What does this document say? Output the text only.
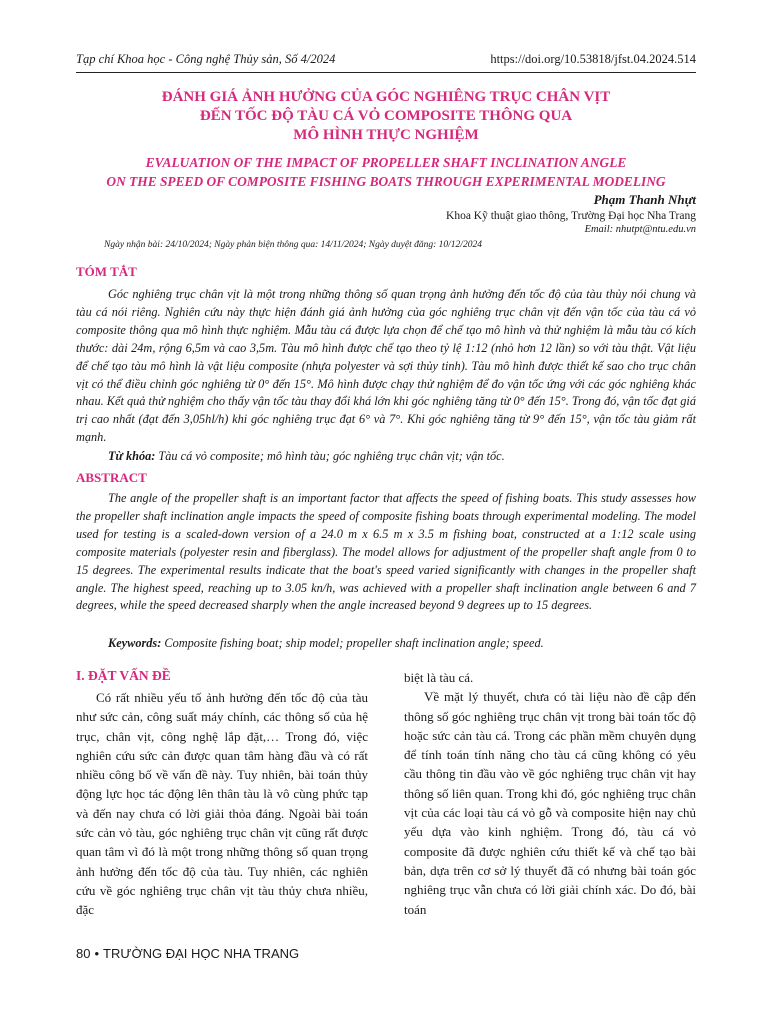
Tạp chí Khoa học - Công nghệ Thủy sản, Số 4/2024	https://doi.org/10.53818/jfst.04.2024.514
ĐÁNH GIÁ ẢNH HƯỞNG CỦA GÓC NGHIÊNG TRỤC CHÂN VỊT
ĐẾN TỐC ĐỘ TÀU CÁ VỎ COMPOSITE THÔNG QUA
MÔ HÌNH THỰC NGHIỆM
EVALUATION OF THE IMPACT OF PROPELLER SHAFT INCLINATION ANGLE
ON THE SPEED OF COMPOSITE FISHING BOATS THROUGH EXPERIMENTAL MODELING
Phạm Thanh Nhựt
Khoa Kỹ thuật giao thông, Trường Đại học Nha Trang
Email: nhutpt@ntu.edu.vn
Ngày nhận bài: 24/10/2024; Ngày phản biện thông qua: 14/11/2024; Ngày duyệt đăng: 10/12/2024
TÓM TẮT
Góc nghiêng trục chân vịt là một trong những thông số quan trọng ảnh hưởng đến tốc độ của tàu thủy nói chung và tàu cá nói riêng. Nghiên cứu này thực hiện đánh giá ảnh hưởng của góc nghiêng trục chân vịt đến vận tốc của tàu cá vỏ composite thông qua mô hình thực nghiệm. Mẫu tàu cá được lựa chọn để chế tạo mô hình và thử nghiệm là mẫu tàu có kích thước: dài 24m, rộng 6,5m và cao 3,5m. Tàu mô hình được chế tạo theo tỷ lệ 1:12 (nhỏ hơn 12 lần) so với tàu thật. Vật liệu để chế tạo tàu mô hình là vật liệu composite (nhựa polyester và sợi thủy tinh). Tàu mô hình được thiết kế sao cho trục chân vịt có thể điều chỉnh góc nghiêng từ 0° đến 15°. Mô hình được chạy thử nghiệm để đo vận tốc ứng với các góc nghiêng khác nhau. Kết quả thử nghiệm cho thấy vận tốc tàu thay đổi khá lớn khi góc nghiêng tăng từ 0° đến 15°. Trong đó, vận tốc đạt giá trị cao nhất (đạt đến 3,05hl/h) khi góc nghiêng trục đạt 6° và 7°. Khi góc nghiêng tăng từ 9° đến 15°, vận tốc tàu giảm rất mạnh.
Từ khóa: Tàu cá vỏ composite; mô hình tàu; góc nghiêng trục chân vịt; vận tốc.
ABSTRACT
The angle of the propeller shaft is an important factor that affects the speed of fishing boats. This study assesses how the propeller shaft inclination angle impacts the speed of composite fishing boats through experimental modeling. The model used for testing is a scaled-down version of a 24.0 m x 6.5 m x 3.5 m fishing boat, constructed at a 1:12 scale using composite materials (polyester resin and fiberglass). The model allows for adjustment of the propeller shaft angle from 0 to 15 degrees. The experimental results indicate that the boat's speed varied significantly with changes in the propeller shaft angle. The highest speed, reaching up to 3.05 kn/h, was achieved with a propeller shaft inclination angle between 6 and 7 degrees, while the speed decreased sharply when the angle increased beyond 9 degrees up to 15 degrees.
Keywords: Composite fishing boat; ship model; propeller shaft inclination angle; speed.
I. ĐẶT VẤN ĐỀ
Có rất nhiều yếu tố ảnh hưởng đến tốc độ của tàu như sức cản, công suất máy chính, các thông số của hệ trục, chân vịt, công nghệ lắp đặt,… Trong đó, việc nghiên cứu sức cản được quan tâm hàng đầu và có rất nhiều công bố về vấn đề này. Tuy nhiên, bài toán thủy động lực học tác động lên thân tàu là vô cùng phức tạp và đến nay chưa có lời giải thỏa đáng. Ngoài bài toán sức cản vỏ tàu, góc nghiêng trục chân vịt cũng rất được quan tâm vì đó là một trong những thông số quan trọng ảnh hưởng đến tốc độ của tàu. Tuy nhiên, các nghiên cứu về góc nghiêng trục chân vịt tàu thủy chưa nhiều, đặc
biệt là tàu cá.
Về mặt lý thuyết, chưa có tài liệu nào đề cập đến thông số góc nghiêng trục chân vịt trong bài toán tốc độ hoặc sức cản tàu cá. Trong các phần mềm chuyên dụng để tính toán tính năng cho tàu cá cũng không có yêu cầu thông tin đầu vào về góc nghiêng trục chân vịt hay thông số liên quan. Trong khi đó, góc nghiêng trục chân vịt của các loại tàu cá vỏ gỗ và composite hiện nay chủ yếu dựa vào kinh nghiệm. Trong đó, tàu cá vỏ composite đã được nghiên cứu thiết kế và chế tạo bài bản, dựa trên cơ sở lý thuyết đã có nhưng bài toán góc nghiêng trục vẫn chưa có lời giải chính xác. Do đó, bài toán
80 • TRƯỜNG ĐẠI HỌC NHA TRANG
